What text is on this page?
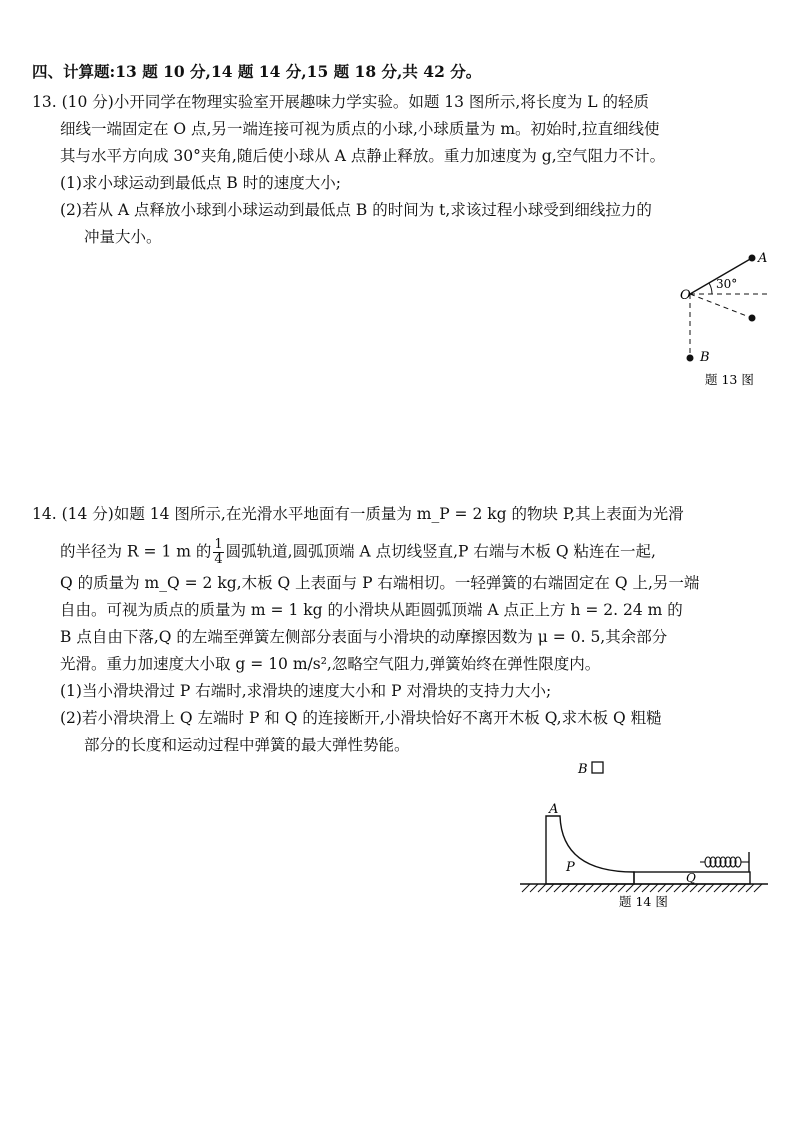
四、计算题:13 题 10 分,14 题 14 分,15 题 18 分,共 42 分。
13. (10 分)小开同学在物理实验室开展趣味力学实验。如题 13 图所示,将长度为 L 的轻质
细线一端固定在 O 点,另一端连接可视为质点的小球,小球质量为 m。初始时,拉直细线使
其与水平方向成 30°夹角,随后使小球从 A 点静止释放。重力加速度为 g,空气阻力不计。
(1)求小球运动到最低点 B 时的速度大小;
(2)若从 A 点释放小球到小球运动到最低点 B 的时间为 t,求该过程小球受到细线拉力的
冲量大小。
O
A
30°
B
题 13 图
14. (14 分)如题 14 图所示,在光滑水平地面有一质量为 m_P = 2 kg 的物块 P,其上表面为光滑
的半径为 R = 1 m 的 $\frac{1}{4}$ 圆弧轨道,圆弧顶端 A 点切线竖直,P 右端与木板 Q 粘连在一起,
Q 的质量为 m_Q = 2 kg,木板 Q 上表面与 P 右端相切。一轻弹簧的右端固定在 Q 上,另一端
自由。可视为质点的质量为 m = 1 kg 的小滑块从距圆弧顶端 A 点正上方 h = 2. 24 m 的
B 点自由下落,Q 的左端至弹簧左侧部分表面与小滑块的动摩擦因数为 μ = 0. 5,其余部分
光滑。重力加速度大小取 g = 10 m/s²,忽略空气阻力,弹簧始终在弹性限度内。
(1)当小滑块滑过 P 右端时,求滑块的速度大小和 P 对滑块的支持力大小;
(2)若小滑块滑上 Q 左端时 P 和 Q 的连接断开,小滑块恰好不离开木板 Q,求木板 Q 粗糙
部分的长度和运动过程中弹簧的最大弹性势能。
B
A
P
Q
题 14 图
